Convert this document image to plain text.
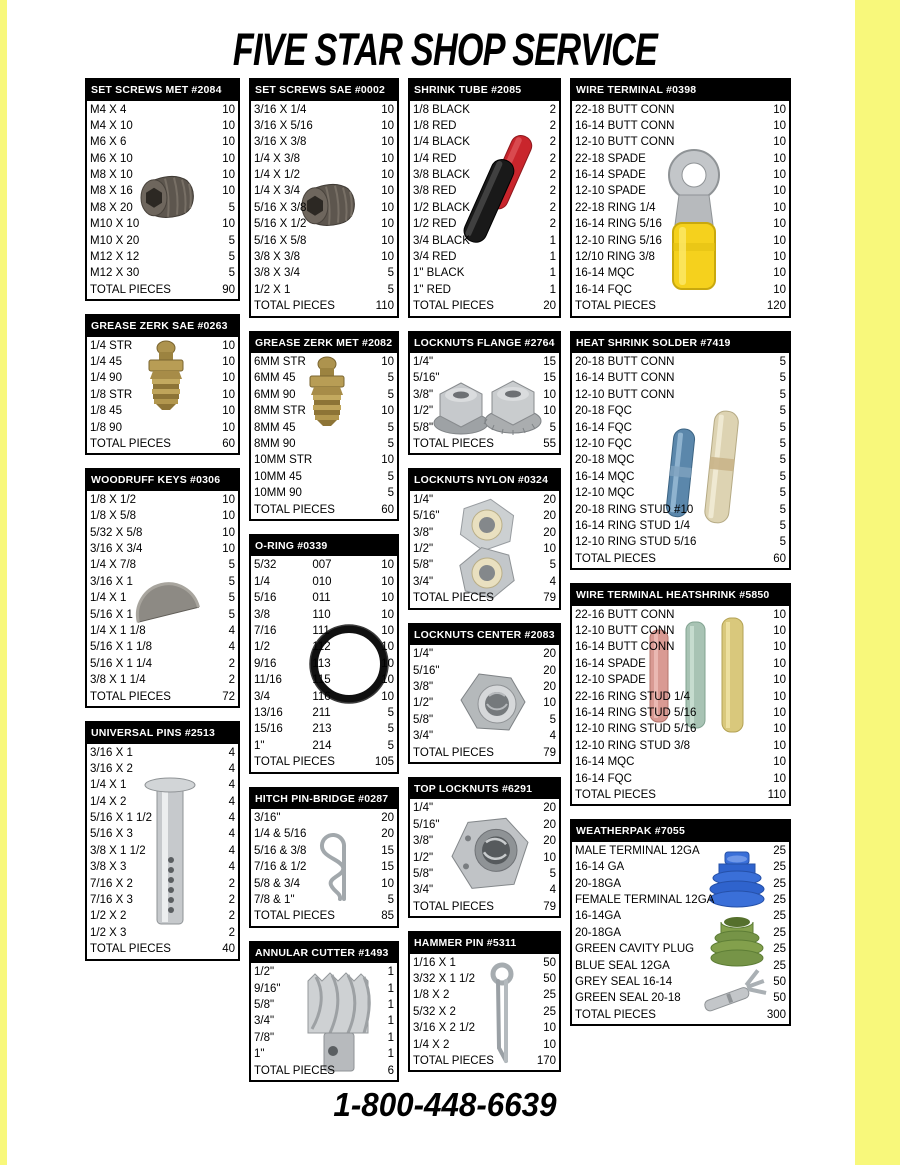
FIVE STAR SHOP SERVICE
SET SCREWS MET #2084
M4 X 4	10
M4 X 10	10
M6 X 6	10
M6 X 10	10
M8 X 10	10
M8 X 16	10
M8 X 20	5
M10 X 10	10
M10 X 20	5
M12 X 12	5
M12 X 30	5
TOTAL PIECES	90
GREASE ZERK SAE #0263
1/4 STR	10
1/4 45	10
1/4 90	10
1/8 STR	10
1/8 45	10
1/8 90	10
TOTAL PIECES	60
WOODRUFF KEYS #0306
1/8 X 1/2	10
1/8 X 5/8	10
5/32 X 5/8	10
3/16 X 3/4	10
1/4 X 7/8	5
3/16 X 1	5
1/4 X 1	5
5/16 X 1	5
1/4 X 1 1/8	4
5/16 X 1 1/8	4
5/16 X 1 1/4	2
3/8 X 1 1/4	2
TOTAL PIECES	72
UNIVERSAL PINS #2513
3/16 X 1	4
3/16 X 2	4
1/4 X 1	4
1/4 X 2	4
5/16 X 1 1/2	4
5/16 X 3	4
3/8 X 1 1/2	4
3/8 X 3	4
7/16 X 2	2
7/16 X 3	2
1/2 X 2	2
1/2 X 3	2
TOTAL PIECES	40
SET SCREWS SAE #0002
3/16 X 1/4	10
3/16 X 5/16	10
3/16 X 3/8	10
1/4 X 3/8	10
1/4 X 1/2	10
1/4 X 3/4	10
5/16 X 3/8	10
5/16 X 1/2	10
5/16 X 5/8	10
3/8 X 3/8	10
3/8 X 3/4	5
1/2 X 1	5
TOTAL PIECES	110
GREASE ZERK MET #2082
6MM STR	10
6MM 45	5
6MM 90	5
8MM STR	10
8MM 45	5
8MM 90	5
10MM STR	10
10MM 45	5
10MM 90	5
TOTAL PIECES	60
O-RING #0339
5/32	007	10
1/4	010	10
5/16	011	10
3/8	110	10
7/16	111	10
1/2	112	10
9/16	113	10
11/16	115	10
3/4	116	10
13/16	211	5
15/16	213	5
1"	214	5
TOTAL PIECES	105
HITCH PIN-BRIDGE #0287
3/16"	20
1/4 & 5/16	20
5/16 & 3/8	15
7/16 & 1/2	15
5/8 & 3/4	10
7/8 & 1"	5
TOTAL PIECES	85
ANNULAR CUTTER #1493
1/2"	1
9/16"	1
5/8"	1
3/4"	1
7/8"	1
1"	1
TOTAL PIECES	6
SHRINK TUBE #2085
1/8 BLACK	2
1/8 RED	2
1/4 BLACK	2
1/4 RED	2
3/8 BLACK	2
3/8 RED	2
1/2 BLACK	2
1/2 RED	2
3/4 BLACK	1
3/4 RED	1
1" BLACK	1
1" RED	1
TOTAL PIECES	20
LOCKNUTS FLANGE #2764
1/4"	15
5/16"	15
3/8"	10
1/2"	10
5/8"	5
TOTAL PIECES	55
LOCKNUTS NYLON #0324
1/4"	20
5/16"	20
3/8"	20
1/2"	10
5/8"	5
3/4"	4
TOTAL PIECES	79
LOCKNUTS CENTER #2083
1/4"	20
5/16"	20
3/8"	20
1/2"	10
5/8"	5
3/4"	4
TOTAL PIECES	79
TOP LOCKNUTS #6291
1/4"	20
5/16"	20
3/8"	20
1/2"	10
5/8"	5
3/4"	4
TOTAL PIECES	79
HAMMER PIN #5311
1/16 X 1	50
3/32 X 1 1/2	50
1/8 X 2	25
5/32 X 2	25
3/16 X 2 1/2	10
1/4 X 2	10
TOTAL PIECES	170
WIRE TERMINAL #0398
22-18 BUTT CONN	10
16-14 BUTT CONN	10
12-10 BUTT CONN	10
22-18 SPADE	10
16-14 SPADE	10
12-10 SPADE	10
22-18 RING 1/4	10
16-14 RING 5/16	10
12-10 RING 5/16	10
12/10 RING 3/8	10
16-14 MQC	10
16-14 FQC	10
TOTAL PIECES	120
HEAT SHRINK SOLDER #7419
20-18 BUTT CONN	5
16-14 BUTT CONN	5
12-10 BUTT CONN	5
20-18 FQC	5
16-14 FQC	5
12-10 FQC	5
20-18 MQC	5
16-14 MQC	5
12-10 MQC	5
20-18 RING STUD #10	5
16-14 RING STUD 1/4	5
12-10 RING STUD 5/16	5
TOTAL PIECES	60
WIRE TERMINAL HEATSHRINK #5850
22-16 BUTT CONN	10
12-10 BUTT CONN	10
16-14 BUTT CONN	10
16-14 SPADE	10
12-10 SPADE	10
22-16 RING STUD 1/4	10
16-14 RING STUD 5/16	10
12-10 RING STUD 5/16	10
12-10 RING STUD 3/8	10
16-14 MQC	10
16-14 FQC	10
TOTAL PIECES	110
WEATHERPAK #7055
MALE TERMINAL 12GA	25
16-14 GA	25
20-18GA	25
FEMALE TERMINAL 12GA	25
16-14GA	25
20-18GA	25
GREEN CAVITY PLUG	25
BLUE SEAL 12GA	25
GREY SEAL 16-14	50
GREEN SEAL 20-18	50
TOTAL PIECES	300
1-800-448-6639
